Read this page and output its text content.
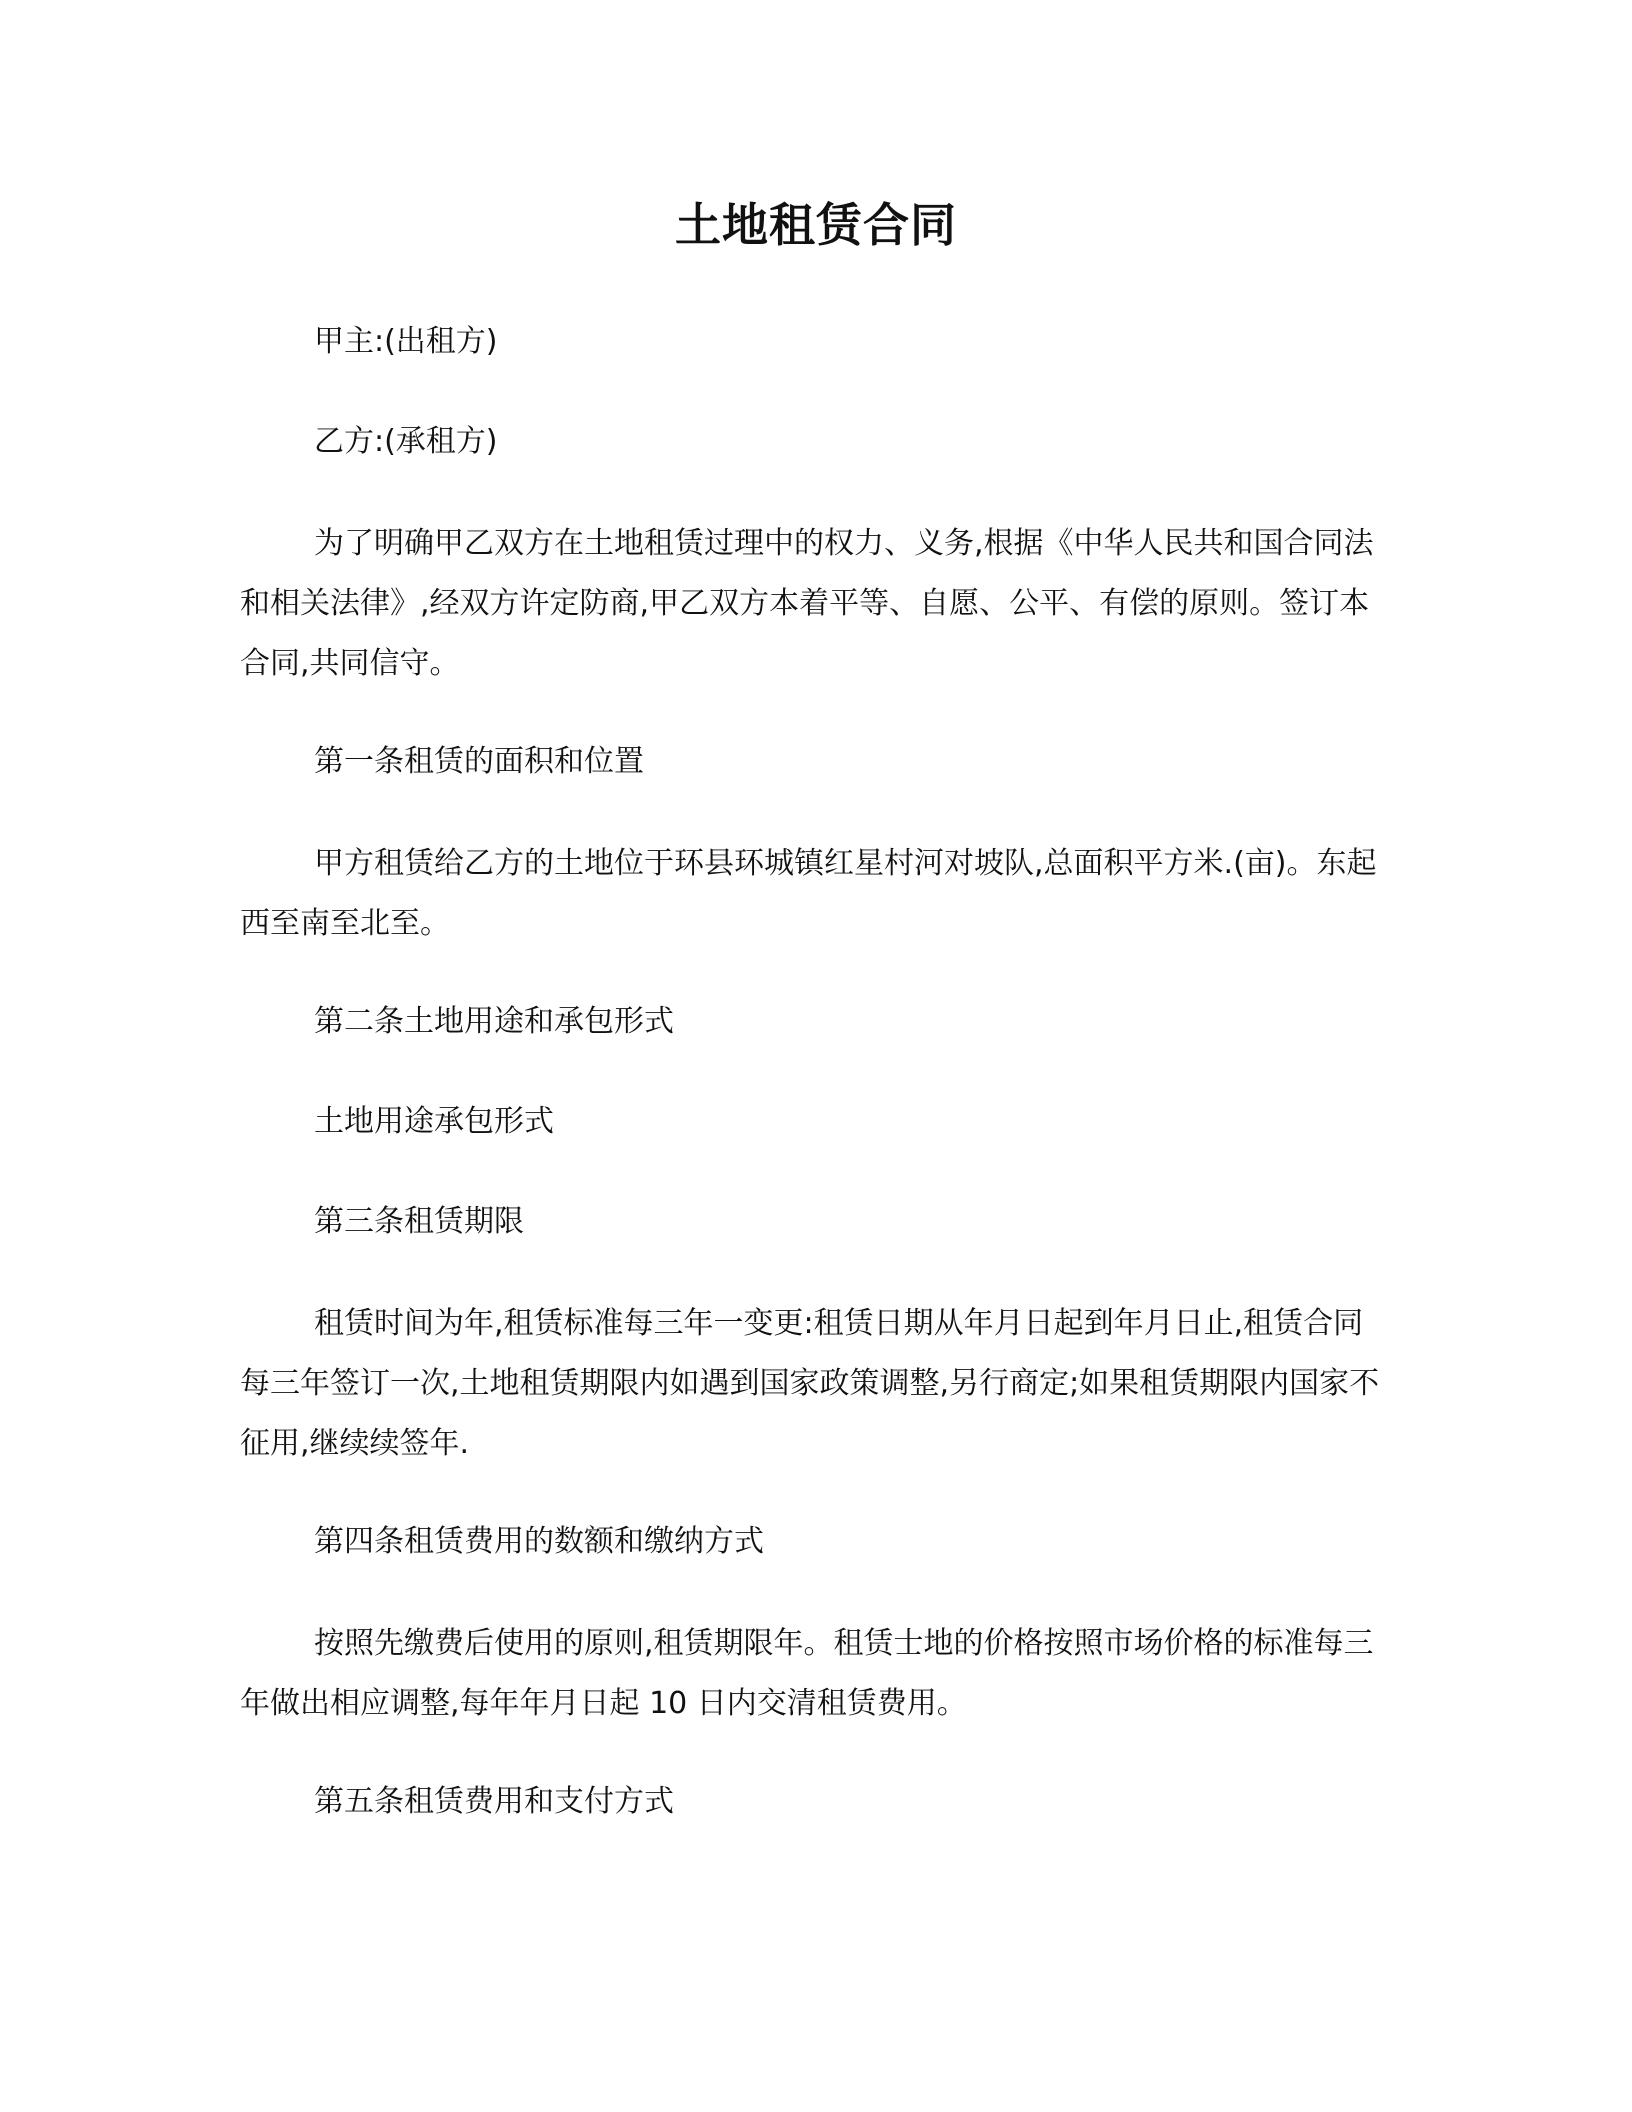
土地租赁合同
甲主:(出租方)
乙方:(承租方)

为了明确甲乙双方在土地租赁过理中的权力、义务,根据《中华人民共和国合同法和相关法律》,经双方许定防商,甲乙双方本着平等、自愿、公平、有偿的原则。签订本合同,共同信守。

第一条租赁的面积和位置

甲方租赁给乙方的土地位于环县环城镇红星村河对坡队,总面积平方米.(亩)。东起西至南至北至。

第二条土地用途和承包形式
土地用途承包形式
第三条租赁期限

租赁时间为年,租赁标准每三年一变更:租赁日期从年月日起到年月日止,租赁合同每三年签订一次,土地租赁期限内如遇到国家政策调整,另行商定;如果租赁期限内国家不征用,继续续签年.

第四条租赁费用的数额和缴纳方式

按照先缴费后使用的原则,租赁期限年。租赁士地的价格按照市场价格的标准每三年做出相应调整,每年年月日起 10 日内交清租赁费用。

第五条租赁费用和支付方式
